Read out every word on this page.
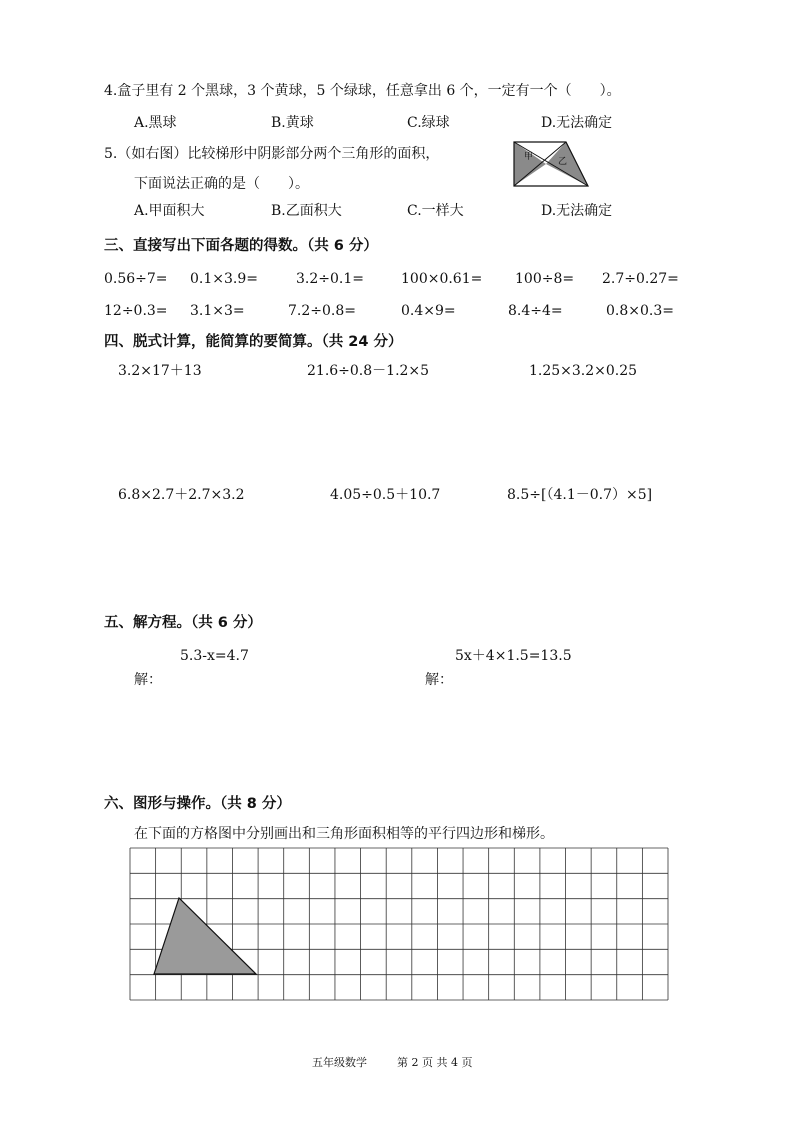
4.盒子里有 2 个黑球，3 个黄球，5 个绿球，任意拿出 6 个，一定有一个（　　）。
A.黑球	B.黄球	C.绿球	D.无法确定
5.（如右图）比较梯形中阴影部分两个三角形的面积，
下面说法正确的是（　　）。
A.甲面积大	B.乙面积大	C.一样大	D.无法确定
甲	乙
三、直接写出下面各题的得数。（共 6 分）
0.56÷7= 0.1×3.9=	3.2÷0.1=	100×0.61= 100÷8= 2.7÷0.27=
12÷0.3= 3.1×3=	7.2÷0.8=	0.4×9=	8.4÷4=	0.8×0.3=
四、脱式计算，能简算的要简算。（共 24 分）
3.2×17＋13	21.6÷0.8－1.2×5	1.25×3.2×0.25
6.8×2.7＋2.7×3.2	4.05÷0.5＋10.7	8.5÷[（4.1－0.7）×5]
五、解方程。（共 6 分）
5.3-x=4.7	5x＋4×1.5=13.5
解：	解：
六、图形与操作。（共 8 分）
在下面的方格图中分别画出和三角形面积相等的平行四边形和梯形。
五年级数学	第 2 页 共 4 页
